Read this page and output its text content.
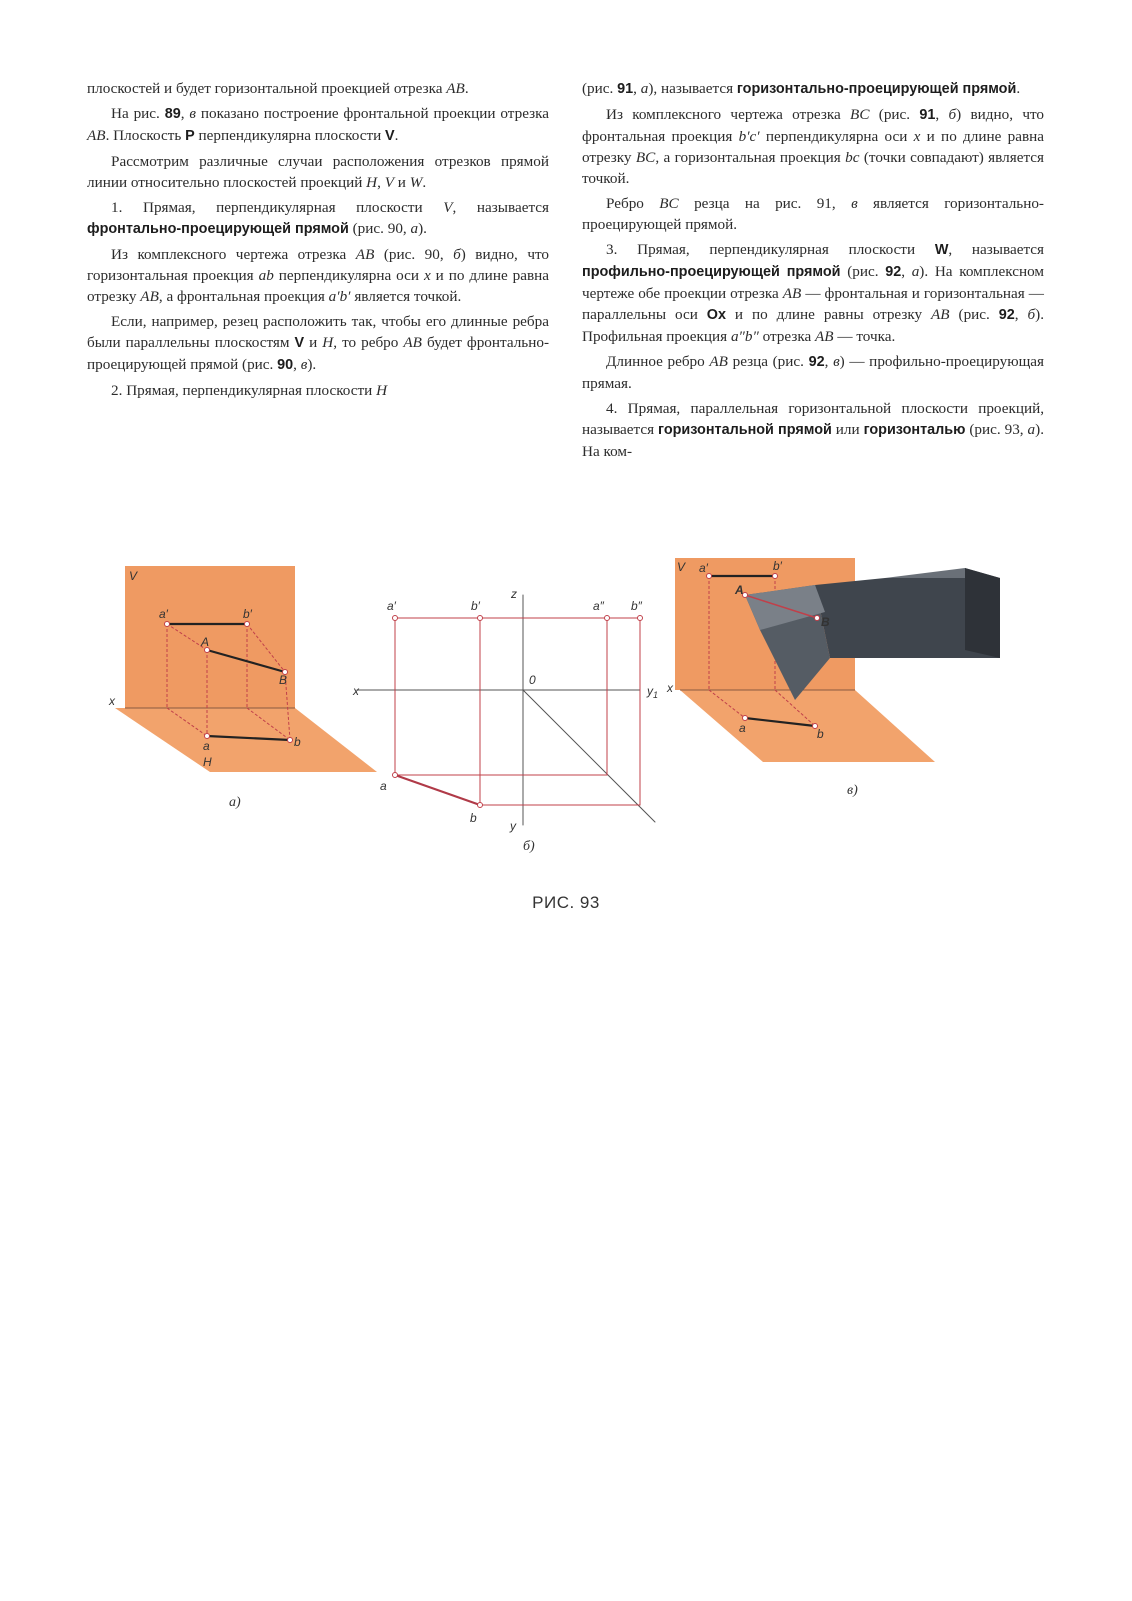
плоскостей и будет горизонтальной проекцией отрезка AB.

На рис. 89, в показано построение фронтальной проекции отрезка AB. Плоскость P перпендикулярна плоскости V.

Рассмотрим различные случаи расположения отрезков прямой линии относительно плоскостей проекций H, V и W.

1. Прямая, перпендикулярная плоскости V, называется фронтально-проецирующей прямой (рис. 90, а).

Из комплексного чертежа отрезка AB (рис. 90, б) видно, что горизонтальная проекция ab перпендикулярна оси x и по длине равна отрезку AB, а фронтальная проекция a′b′ является точкой.

Если, например, резец расположить так, чтобы его длинные ребра были параллельны плоскостям V и H, то ребро AB будет фронтально-проецирующей прямой (рис. 90, в).

2. Прямая, перпендикулярная плоскости H

(рис. 91, а), называется горизонтально-проецирующей прямой.

Из комплексного чертежа отрезка BC (рис. 91, б) видно, что фронтальная проекция b′c′ перпендикулярна оси x и по длине равна отрезку BC, а горизонтальная проекция bc (точки совпадают) является точкой.

Ребро BC резца на рис. 91, в является горизонтально-проецирующей прямой.

3. Прямая, перпендикулярная плоскости W, называется профильно-проецирующей прямой (рис. 92, а). На комплексном чертеже обе проекции отрезка AB — фронтальная и горизонтальная — параллельны оси Ox и по длине равны отрезку AB (рис. 92, б). Профильная проекция a″b″ отрезка AB — точка.

Длинное ребро AB резца (рис. 92, в) — профильно-проецирующая прямая.

4. Прямая, параллельная горизонтальной плоскости проекций, называется горизонтальной прямой или горизонталью (рис. 93, а). На ком-

V
H
x
a′	b′
A
B
a	b
а)
z
x	$y_1$
y
0
a′	b′	a″ b″
a
b
б)
V
x
a′	b′
A
B
a	b
в)
РИС. 93
